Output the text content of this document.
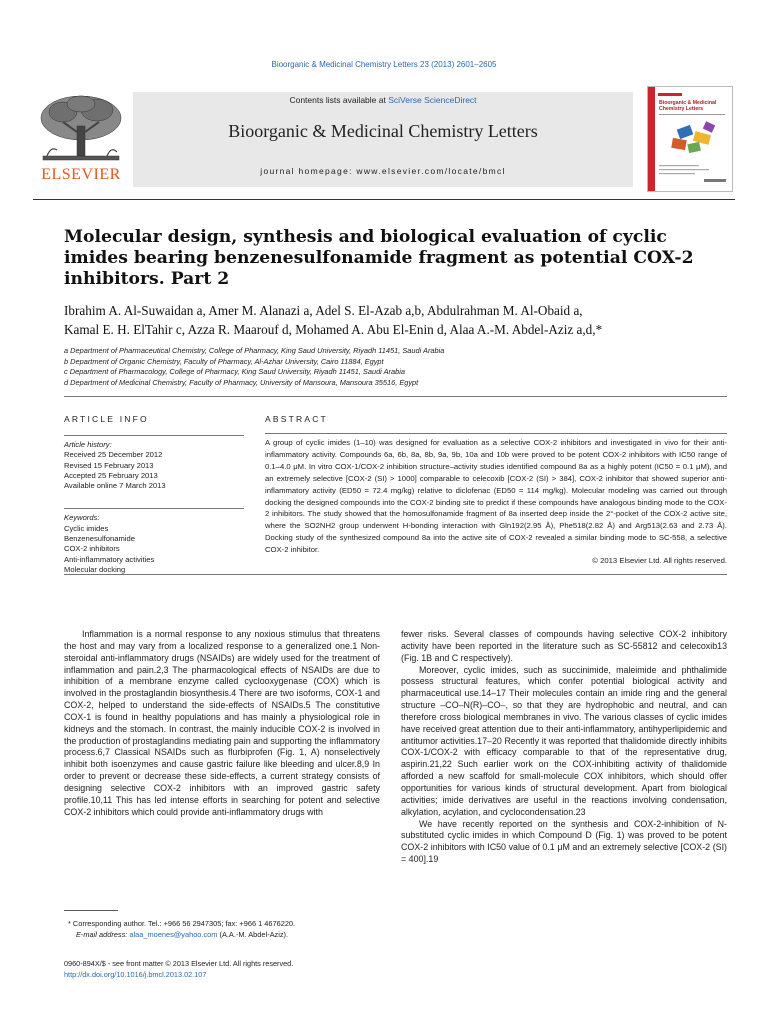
Bioorganic & Medicinal Chemistry Letters 23 (2013) 2601–2605
ELSEVIER
Contents lists available at SciVerse ScienceDirect
Bioorganic & Medicinal Chemistry Letters
journal homepage: www.elsevier.com/locate/bmcl
Bioorganic & Medicinal
Chemistry Letters
Molecular design, synthesis and biological evaluation of cyclic imides bearing benzenesulfonamide fragment as potential COX-2 inhibitors. Part 2
Ibrahim A. Al-Suwaidan a, Amer M. Alanazi a, Adel S. El-Azab a,b, Abdulrahman M. Al-Obaid a,
Kamal E. H. ElTahir c, Azza R. Maarouf d, Mohamed A. Abu El-Enin d, Alaa A.-M. Abdel-Aziz a,d,*
a Department of Pharmaceutical Chemistry, College of Pharmacy, King Saud University, Riyadh 11451, Saudi Arabia
b Department of Organic Chemistry, Faculty of Pharmacy, Al-Azhar University, Cairo 11884, Egypt
c Department of Pharmacology, College of Pharmacy, King Saud University, Riyadh 11451, Saudi Arabia
d Department of Medicinal Chemistry, Faculty of Pharmacy, University of Mansoura, Mansoura 35516, Egypt
ARTICLE INFO	ABSTRACT
Article history:
Received 25 December 2012
Revised 15 February 2013
Accepted 25 February 2013
Available online 7 March 2013
Keywords:
Cyclic imides
Benzenesulfonamide
COX-2 inhibitors
Anti-inflammatory activities
Molecular docking
A group of cyclic imides (1–10) was designed for evaluation as a selective COX-2 inhibitors and investigated in vivo for their anti-inflammatory activity. Compounds 6a, 6b, 8a, 8b, 9a, 9b, 10a and 10b were proved to be potent COX-2 inhibitors with IC50 range of 0.1–4.0 μM. In vitro COX-1/COX-2 inhibition structure–activity studies identified compound 8a as a highly potent (IC50 = 0.1 μM), and an extremely selective [COX-2 (SI) > 1000] comparable to celecoxib [COX-2 (SI) > 384], COX-2 inhibitor that showed superior anti-inflammatory activity (ED50 = 72.4 mg/kg) relative to diclofenac (ED50 = 114 mg/kg). Molecular modeling was carried out through docking the designed compounds into the COX-2 binding site to predict if these compounds have analogous binding mode to the COX-2 inhibitors. The study showed that the homosulfonamide fragment of 8a inserted deep inside the 2°-pocket of the COX-2 active site, where the SO2NH2 group underwent H-bonding interaction with Gln192(2.95 Å), Phe518(2.82 Å) and Arg513(2.63 and 2.73 Å). Docking study of the synthesized compound 8a into the active site of COX-2 revealed a similar binding mode to SC-558, a selective COX-2 inhibitor.
© 2013 Elsevier Ltd. All rights reserved.

Inflammation is a normal response to any noxious stimulus that threatens the host and may vary from a localized response to a generalized one.1 Non-steroidal anti-inflammatory drugs (NSAIDs) are widely used for the treatment of inflammation and pain.2,3 The pharmacological effects of NSAIDs are due to inhibition of a membrane enzyme called cyclooxygenase (COX) which is involved in the prostaglandin biosynthesis.4 There are two isoforms, COX-1 and COX-2, helped to understand the side-effects of NSAIDs.5 The constitutive COX-1 is found in healthy populations and has mainly a physiological role in kidneys and the stomach. In contrast, the mainly inducible COX-2 is involved in the production of prostaglandins mediating pain and supporting the inflammatory process.6,7 Classical NSAIDs such as flurbiprofen (Fig. 1, A) nonselectively inhibit both isoenzymes and cause gastric failure like bleeding and ulcer.8,9 In order to prevent or decrease these side-effects, a current strategy consists of designing selective COX-2 inhibitors with an improved gastric safety profile.10,11 This has led intense efforts in searching for potent and selective COX-2 inhibitors which could provide anti-inflammatory drugs with

fewer risks. Several classes of compounds having selective COX-2 inhibitory activity have been reported in the literature such as SC-55812 and celecoxib13 (Fig. 1B and C respectively).

Moreover, cyclic imides, such as succinimide, maleimide and phthalimide possess structural features, which confer potential biological activity and pharmaceutical use.14–17 Their molecules contain an imide ring and the general structure –CO–N(R)–CO–, so that they are hydrophobic and neutral, and can therefore cross biological membranes in vivo. The various classes of cyclic imides have received great attention due to their anti-inflammatory, antihyperlipidemic and antitumor activities.17–20 Recently it was reported that thalidomide directly inhibits COX-1/COX-2 with efficacy comparable to that of the representative drug, aspirin.21,22 Such earlier work on the COX-inhibiting activity of thalidomide afforded a new scaffold for small-molecule COX inhibitors, which should offer opportunities for various kinds of structural development. Apart from biological activities; imide derivatives are useful in the reactions involving condensation, alkylation, acylation, and cyclocondensation.23

We have recently reported on the synthesis and COX-2-inhibition of N-substituted cyclic imides in which Compound D (Fig. 1) was proved to be potent COX-2 inhibitors with IC50 value of 0.1 μM and an extremely selective [COX-2 (SI) = 400].19

* Corresponding author. Tel.: +966 56 2947305; fax: +966 1 4676220.
E-mail address: alaa_moenes@yahoo.com (A.A.-M. Abdel-Aziz).
0960-894X/$ - see front matter © 2013 Elsevier Ltd. All rights reserved.
http://dx.doi.org/10.1016/j.bmcl.2013.02.107
